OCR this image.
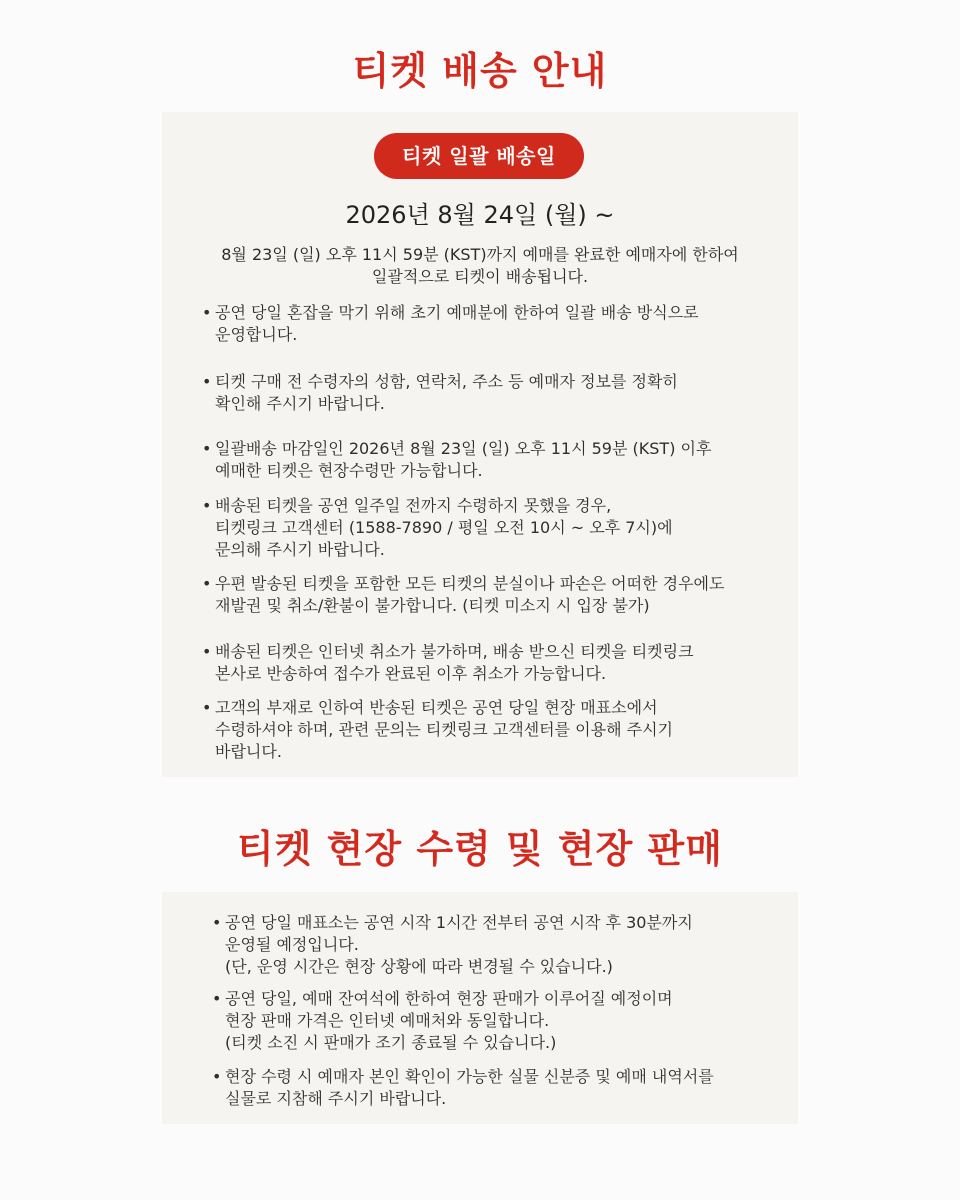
티켓 배송 안내
티켓 일괄 배송일

2026년 8월 24일 (월) ~

8월 23일 (일) 오후 11시 59분 (KST)까지 예매를 완료한 예매자에 한하여
일괄적으로 티켓이 배송됩니다.

• 공연 당일 혼잡을 막기 위해 초기 예매분에 한하여 일괄 배송 방식으로
운영합니다.
• 티켓 구매 전 수령자의 성함, 연락처, 주소 등 예매자 정보를 정확히
확인해 주시기 바랍니다.
• 일괄배송 마감일인 2026년 8월 23일 (일) 오후 11시 59분 (KST) 이후
예매한 티켓은 현장수령만 가능합니다.
• 배송된 티켓을 공연 일주일 전까지 수령하지 못했을 경우,
티켓링크 고객센터 (1588-7890 / 평일 오전 10시 ~ 오후 7시)에
문의해 주시기 바랍니다.
• 우편 발송된 티켓을 포함한 모든 티켓의 분실이나 파손은 어떠한 경우에도
재발권 및 취소/환불이 불가합니다. (티켓 미소지 시 입장 불가)
• 배송된 티켓은 인터넷 취소가 불가하며, 배송 받으신 티켓을 티켓링크
본사로 반송하여 접수가 완료된 이후 취소가 가능합니다.
• 고객의 부재로 인하여 반송된 티켓은 공연 당일 현장 매표소에서
수령하셔야 하며, 관련 문의는 티켓링크 고객센터를 이용해 주시기
바랍니다.
티켓 현장 수령 및 현장 판매
• 공연 당일 매표소는 공연 시작 1시간 전부터 공연 시작 후 30분까지
운영될 예정입니다.
(단, 운영 시간은 현장 상황에 따라 변경될 수 있습니다.)
• 공연 당일, 예매 잔여석에 한하여 현장 판매가 이루어질 예정이며
현장 판매 가격은 인터넷 예매처와 동일합니다.
(티켓 소진 시 판매가 조기 종료될 수 있습니다.)
• 현장 수령 시 예매자 본인 확인이 가능한 실물 신분증 및 예매 내역서를
실물로 지참해 주시기 바랍니다.
